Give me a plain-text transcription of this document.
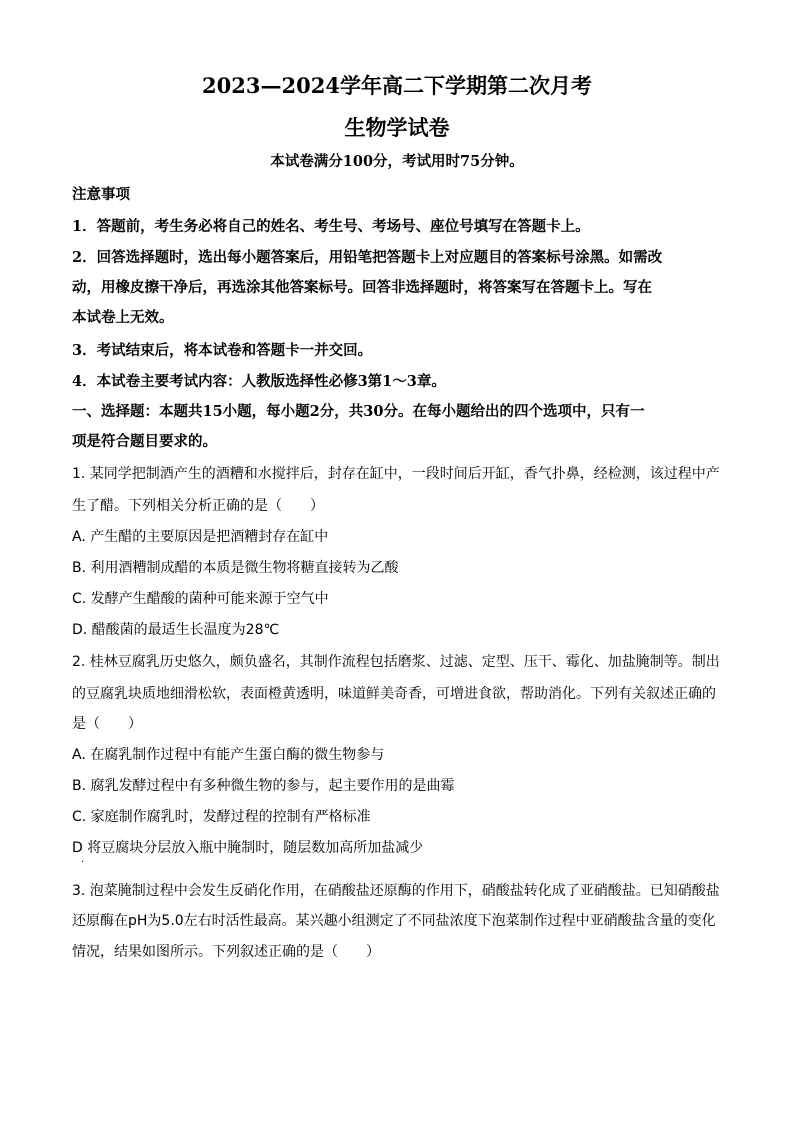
2023—2024学年高二下学期第二次月考
生物学试卷
本试卷满分100分，考试用时75分钟。
注意事项
1．答题前，考生务必将自己的姓名、考生号、考场号、座位号填写在答题卡上。
2．回答选择题时，选出每小题答案后，用铅笔把答题卡上对应题目的答案标号涂黑。如需改
动，用橡皮擦干净后，再选涂其他答案标号。回答非选择题时，将答案写在答题卡上。写在
本试卷上无效。
3．考试结束后，将本试卷和答题卡一并交回。
4．本试卷主要考试内容：人教版选择性必修3第1～3章。
一、选择题：本题共15小题，每小题2分，共30分。在每小题给出的四个选项中，只有一
项是符合题目要求的。
1. 某同学把制酒产生的酒糟和水搅拌后，封存在缸中，一段时间后开缸，香气扑鼻，经检测，该过程中产
生了醋。下列相关分析正确的是（　　）
A. 产生醋的主要原因是把酒糟封存在缸中
B. 利用酒糟制成醋的本质是微生物将糖直接转为乙酸
C. 发酵产生醋酸的菌种可能来源于空气中
D. 醋酸菌的最适生长温度为28℃
2. 桂林豆腐乳历史悠久，颇负盛名，其制作流程包括磨浆、过滤、定型、压干、霉化、加盐腌制等。制出
的豆腐乳块质地细滑松软，表面橙黄透明，味道鲜美奇香，可增进食欲，帮助消化。下列有关叙述正确的
是（　　）
A. 在腐乳制作过程中有能产生蛋白酶的微生物参与
B. 腐乳发酵过程中有多种微生物的参与，起主要作用的是曲霉
C. 家庭制作腐乳时，发酵过程的控制有严格标准
D 将豆腐块分层放入瓶中腌制时，随层数加高所加盐减少
·
3. 泡菜腌制过程中会发生反硝化作用，在硝酸盐还原酶的作用下，硝酸盐转化成了亚硝酸盐。已知硝酸盐
还原酶在pH为5.0左右时活性最高。某兴趣小组测定了不同盐浓度下泡菜制作过程中亚硝酸盐含量的变化
情况，结果如图所示。下列叙述正确的是（　　）
